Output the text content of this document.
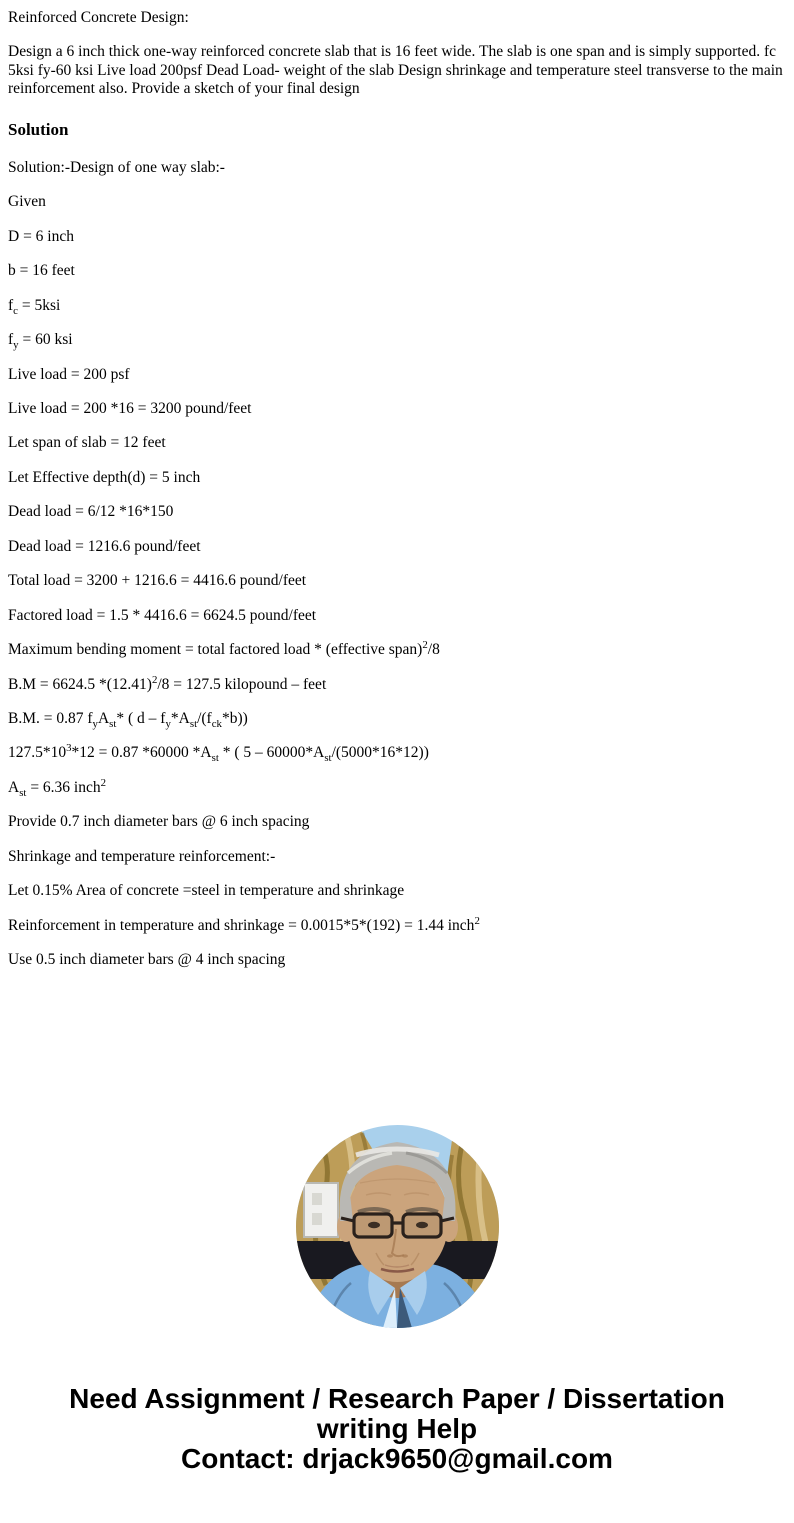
Reinforced Concrete Design:

Design a 6 inch thick one-way reinforced concrete slab that is 16 feet wide. The slab is one span and is simply supported. fc 5ksi fy-60 ksi Live load 200psf Dead Load- weight of the slab Design shrinkage and temperature steel transverse to the main reinforcement also. Provide a sketch of your final design

Solution

Solution:-Design of one way slab:-

Given

D = 6 inch

b = 16 feet

$f_c = 5ksi$

$f_y = 60$ ksi

Live load = 200 psf

Live load = 200 *16 = 3200 pound/feet

Let span of slab = 12 feet

Let Effective depth(d) = 5 inch

Dead load = 6/12 *16*150

Dead load = 1216.6 pound/feet

Total load = 3200 + 1216.6 = 4416.6 pound/feet

Factored load = 1.5 * 4416.6 = 6624.5 pound/feet

Maximum bending moment = total factored load * (effective span)$^2$/8

B.M = 6624.5 $*(12.41)^2/8 = 127.5$ kilopound – feet

B.M. = 0.87 $f_yA_{st}*$ ( d – $f_y*A_{st}/(f_{ck}*b)$)

$127.5*10^3*12 = 0.87$ *60000 $*A_{st}$ * ( $5 - 60000*A_{st}/(5000*16*12)$)

$A_{st} = 6.36$ inch$^2$

Provide 0.7 inch diameter bars @ 6 inch spacing

Shrinkage and temperature reinforcement:-

Let 0.15% Area of concrete =steel in temperature and shrinkage

Reinforcement in temperature and shrinkage = 0.0015*5*(192) = 1.44 inch$^2$

Use 0.5 inch diameter bars @ 4 inch spacing

Need Assignment / Research Paper / Dissertation
writing Help
Contact: drjack9650@gmail.com
